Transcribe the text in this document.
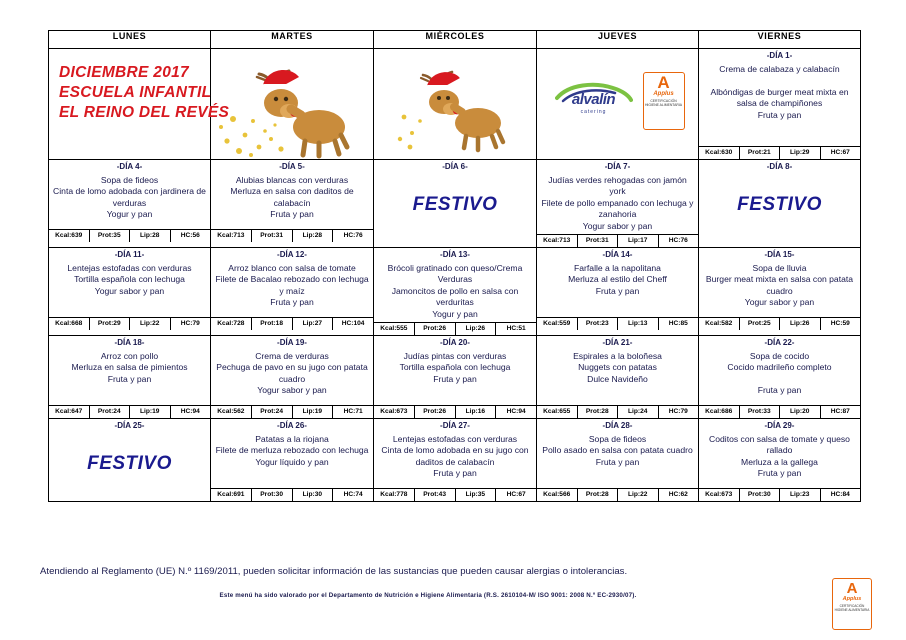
LUNES	MARTES	MIÉRCOLES	JUEVES	VIERNES

DICIEMBRE 2017
ESCUELA INFANTIL
EL REINO DEL REVÉS

alvalín
catering
A
Applus
CERTIFICACIÓN HIGIENE ALIMENTARIA

-DÍA 1-
Crema de calabaza y calabacín

Albóndigas de burger meat mixta en salsa de champiñones
Fruta y pan
Kcal:630	Prot:21	Lip:29	HC:67

-DÍA 4-
Sopa de fideos
Cinta de lomo adobada con jardinera de verduras
Yogur y pan
Kcal:639	Prot:35	Lip:28	HC:56

-DÍA 5-
Alubias blancas con verduras
Merluza en salsa con daditos de calabacín
Fruta y pan
Kcal:713	Prot:31	Lip:28	HC:76

-DÍA 6-
FESTIVO

-DÍA 7-
Judías verdes rehogadas con jamón york
Filete de pollo empanado con lechuga y zanahoria
Yogur sabor y pan
Kcal:713	Prot:31	Lip:17	HC:76

-DÍA 8-
FESTIVO

-DÍA 11-
Lentejas estofadas con verduras
Tortilla española con lechuga
Yogur sabor y pan
Kcal:668	Prot:29	Lip:22	HC:79

-DÍA 12-
Arroz blanco con salsa de tomate
Filete de Bacalao rebozado con lechuga y maíz
Fruta y pan
Kcal:728	Prot:18	Lip:27	HC:104

-DÍA 13-
Brócoli gratinado con queso/Crema Verduras
Jamoncitos de pollo en salsa con verduritas
Yogur y pan
Kcal:555	Prot:26	Lip:26	HC:51

-DÍA 14-
Farfalle a la napolitana
Merluza al estilo del Cheff
Fruta y pan
Kcal:559	Prot:23	Lip:13	HC:85

-DÍA 15-
Sopa de lluvia
Burger meat mixta en salsa con patata cuadro
Yogur sabor y pan
Kcal:582	Prot:25	Lip:26	HC:59

-DÍA 18-
Arroz con pollo
Merluza en salsa de pimientos
Fruta y pan
Kcal:647	Prot:24	Lip:19	HC:94

-DÍA 19-
Crema de verduras
Pechuga de pavo en su jugo con patata cuadro
Yogur sabor y pan
Kcal:562	Prot:24	Lip:19	HC:71

-DÍA 20-
Judías pintas con verduras
Tortilla española con lechuga
Fruta y pan
Kcal:673	Prot:26	Lip:16	HC:94

-DÍA 21-
Espirales a la boloñesa
Nuggets con patatas
Dulce Navideño
Kcal:655	Prot:28	Lip:24	HC:79

-DÍA 22-
Sopa de cocido
Cocido madrileño completo

Fruta y pan
Kcal:686	Prot:33	Lip:20	HC:87

-DÍA 25-
FESTIVO

-DÍA 26-
Patatas a la riojana
Filete de merluza rebozado con lechuga
Yogur líquido y pan
Kcal:691	Prot:30	Lip:30	HC:74

-DÍA 27-
Lentejas estofadas con verduras
Cinta de lomo adobada en su jugo con daditos de calabacín
Fruta y pan
Kcal:778	Prot:43	Lip:35	HC:67

-DÍA 28-
Sopa de fideos
Pollo asado en salsa con patata cuadro
Fruta y pan
Kcal:566	Prot:28	Lip:22	HC:62

-DÍA 29-
Coditos con salsa de tomate y queso rallado
Merluza a la gallega
Fruta y pan
Kcal:673	Prot:30	Lip:23	HC:84
Atendiendo al Reglamento (UE) N.º 1169/2011, pueden solicitar información de las sustancias que pueden causar alergias o intolerancias.
Este menú ha sido valorado por el Departamento de Nutrición e Higiene Alimentaria (R.S. 2610104-M/ ISO 9001: 2008 N.º EC-2930/07).	A
Applus
CERTIFICACIÓN HIGIENE ALIMENTARIA
